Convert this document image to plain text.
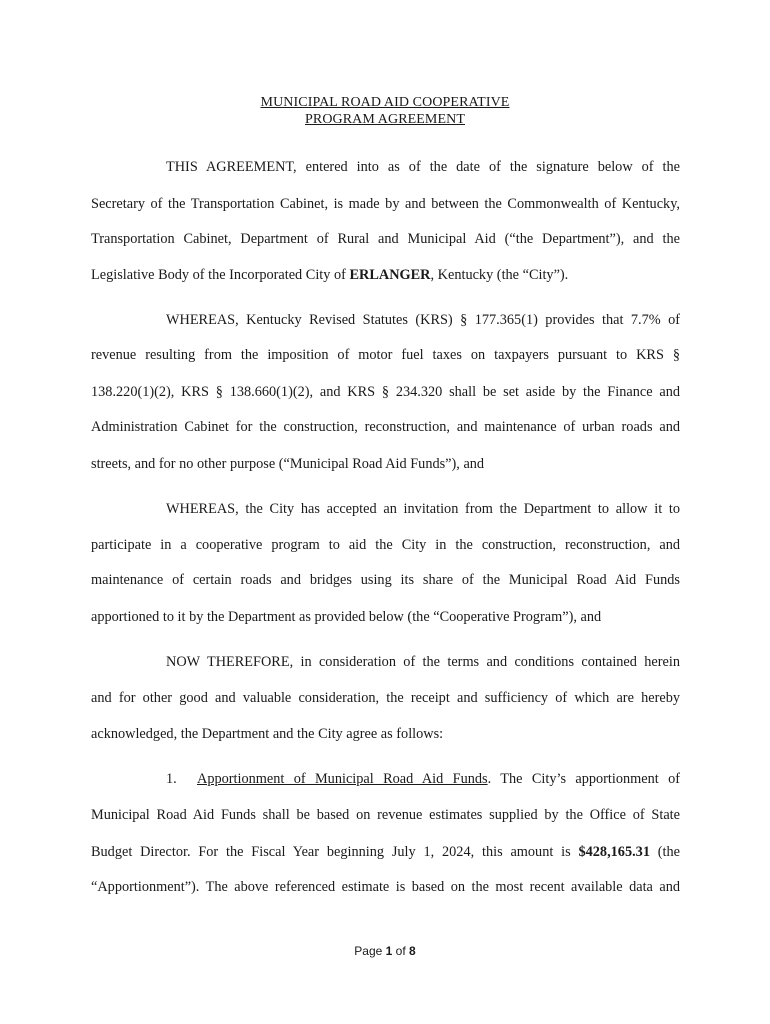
MUNICIPAL ROAD AID COOPERATIVE
PROGRAM AGREEMENT
THIS AGREEMENT, entered into as of the date of the signature below of the
Secretary of the Transportation Cabinet, is made by and between the Commonwealth of Kentucky,
Transportation Cabinet, Department of Rural and Municipal Aid (“the Department”), and the
Legislative Body of the Incorporated City of ERLANGER, Kentucky (the “City”).
WHEREAS, Kentucky Revised Statutes (KRS) § 177.365(1) provides that 7.7% of
revenue resulting from the imposition of motor fuel taxes on taxpayers pursuant to KRS §
138.220(1)(2), KRS § 138.660(1)(2), and KRS § 234.320 shall be set aside by the Finance and
Administration Cabinet for the construction, reconstruction, and maintenance of urban roads and
streets, and for no other purpose (“Municipal Road Aid Funds”), and
WHEREAS, the City has accepted an invitation from the Department to allow it to
participate in a cooperative program to aid the City in the construction, reconstruction, and
maintenance of certain roads and bridges using its share of the Municipal Road Aid Funds
apportioned to it by the Department as provided below (the “Cooperative Program”), and
NOW THEREFORE, in consideration of the terms and conditions contained herein
and for other good and valuable consideration, the receipt and sufficiency of which are hereby
acknowledged, the Department and the City agree as follows:
1. Apportionment of Municipal Road Aid Funds. The City’s apportionment of
Municipal Road Aid Funds shall be based on revenue estimates supplied by the Office of State
Budget Director. For the Fiscal Year beginning July 1, 2024, this amount is $428,165.31 (the
“Apportionment”). The above referenced estimate is based on the most recent available data and
Page 1 of 8
